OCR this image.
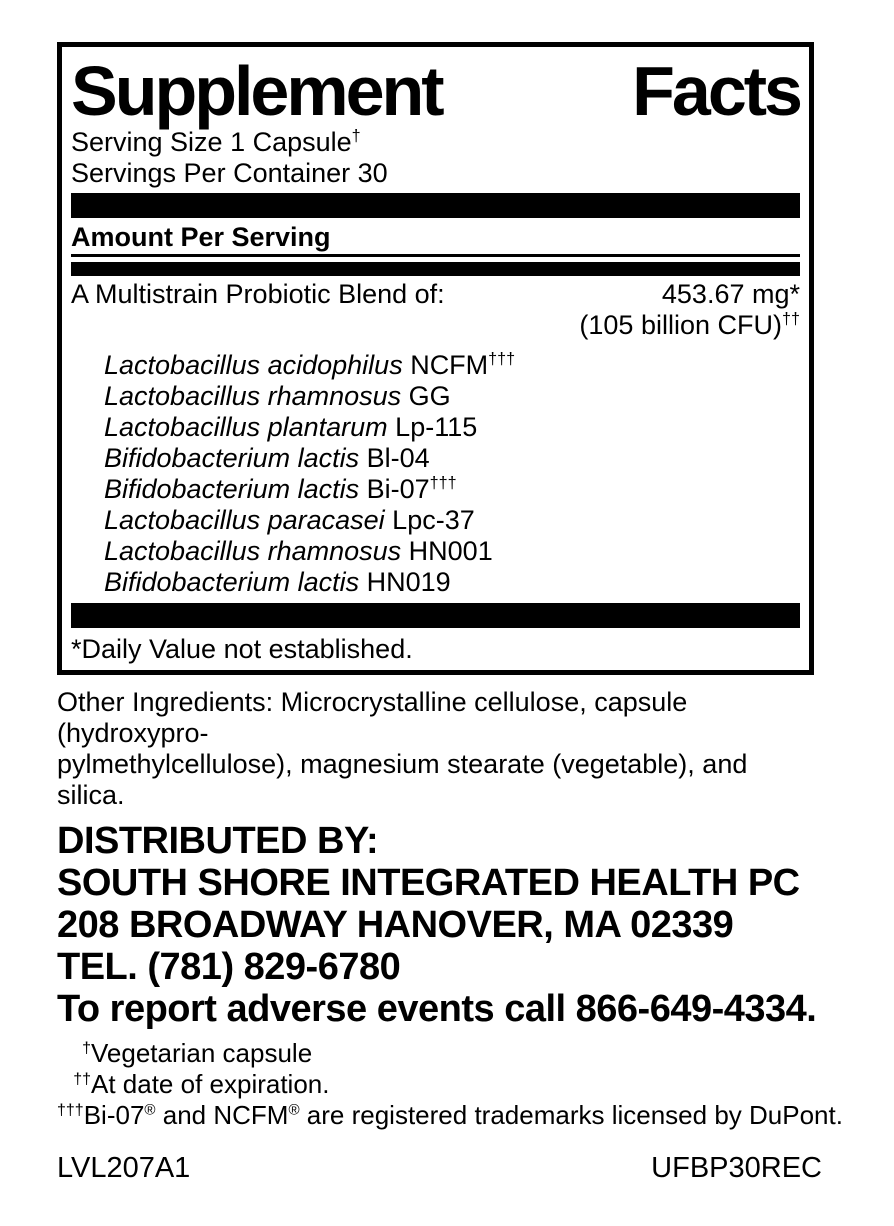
Supplement	Facts
Serving Size 1 Capsule†
Servings Per Container 30
Amount Per Serving
A Multistrain Probiotic Blend of:	453.67 mg*
(105 billion CFU)††
Lactobacillus acidophilus NCFM†††
Lactobacillus rhamnosus GG
Lactobacillus plantarum Lp-115
Bifidobacterium lactis Bl-04
Bifidobacterium lactis Bi-07†††
Lactobacillus paracasei Lpc-37
Lactobacillus rhamnosus HN001
Bifidobacterium lactis HN019
*Daily Value not established.
Other Ingredients: Microcrystalline cellulose, capsule (hydroxypro-
pylmethylcellulose), magnesium stearate (vegetable), and silica.
DISTRIBUTED BY:
SOUTH SHORE INTEGRATED HEALTH PC
208 BROADWAY HANOVER, MA 02339
TEL. (781) 829-6780
To report adverse events call 866-649-4334.
† Vegetarian capsule
†† At date of expiration.
††† Bi-07® and NCFM® are registered trademarks licensed by DuPont.
LVL207A1	UFBP30REC
